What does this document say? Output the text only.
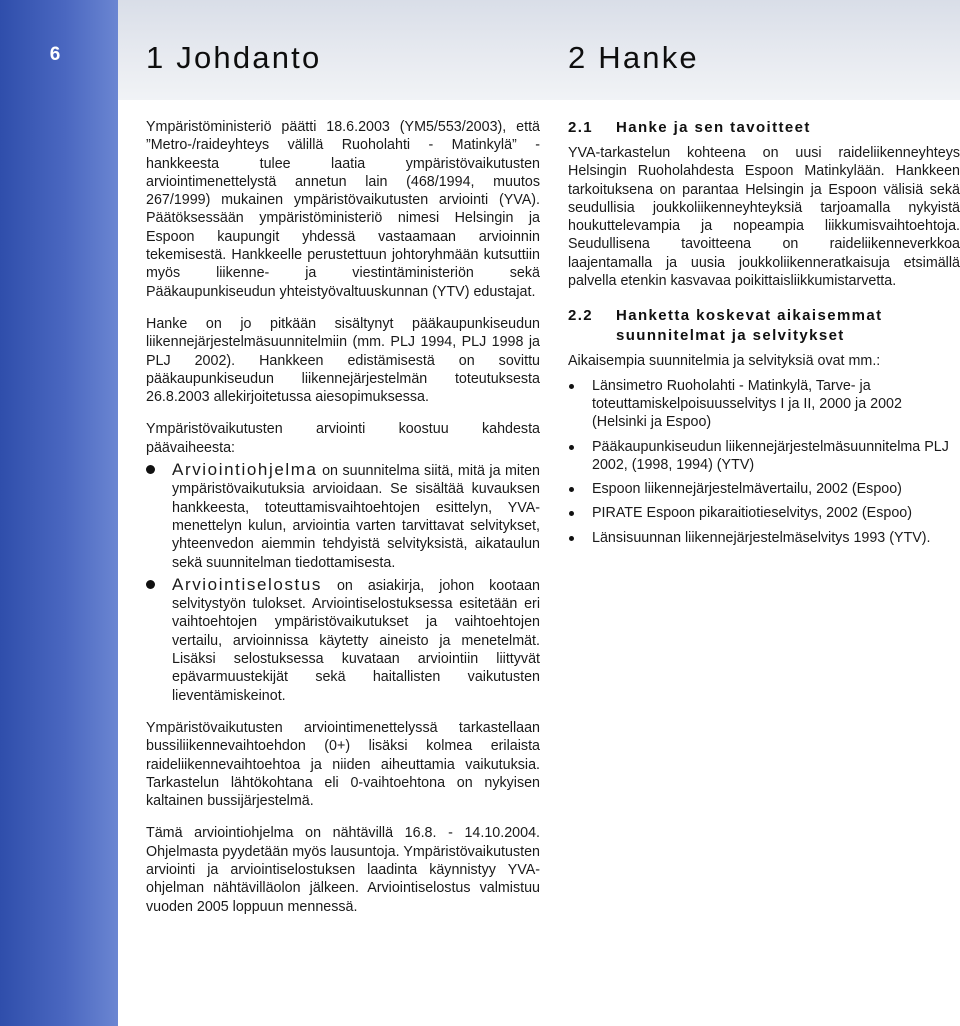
6	1 Johdanto	2 Hanke

Ympäristöministeriö päätti 18.6.2003 (YM5/553/2003), että ”Metro-/raideyhteys välillä Ruoholahti - Matinkylä” -hankkeesta tulee laatia ympäristövaikutusten arviointimenettelystä annetun lain (468/1994, muutos 267/1999) mukainen ympäristövaikutusten arviointi (YVA). Päätöksessään ympäristöministeriö nimesi Helsingin ja Espoon kaupungit yhdessä vastaamaan arvioinnin tekemisestä. Hankkeelle perustettuun johtoryhmään kutsuttiin myös liikenne- ja viestintäministeriön sekä Pääkaupunkiseudun yhteistyövaltuuskunnan (YTV) edustajat.

Hanke on jo pitkään sisältynyt pääkaupunkiseudun liikennejärjestelmäsuunnitelmiin (mm. PLJ 1994, PLJ 1998 ja PLJ 2002). Hankkeen edistämisestä on sovittu pääkaupunkiseudun liikennejärjestelmän toteutuksesta 26.8.2003 allekirjoitetussa aiesopimuksessa.

Ympäristövaikutusten arviointi koostuu kahdesta päävaiheesta:

Arviointiohjelma on suunnitelma siitä, mitä ja miten ympäristövaikutuksia arvioidaan. Se sisältää kuvauksen hankkeesta, toteuttamisvaihtoehtojen esittelyn, YVA-menettelyn kulun, arviointia varten tarvittavat selvitykset, yhteenvedon aiemmin tehdyistä selvityksistä, aikataulun sekä suunnitelman tiedottamisesta.
Arviointiselostus on asiakirja, johon kootaan selvitystyön tulokset. Arviointiselostuksessa esitetään eri vaihtoehtojen ympäristövaikutukset ja vaihtoehtojen vertailu, arvioinnissa käytetty aineisto ja menetelmät. Lisäksi selostuksessa kuvataan arviointiin liittyvät epävarmuustekijät sekä haitallisten vaikutusten lieventämiskeinot.

Ympäristövaikutusten arviointimenettelyssä tarkastellaan bussiliikennevaihtoehdon (0+) lisäksi kolmea erilaista raideliikennevaihtoehtoa ja niiden aiheuttamia vaikutuksia. Tarkastelun lähtökohtana eli 0-vaihtoehtona on nykyisen kaltainen bussijärjestelmä.

Tämä arviointiohjelma on nähtävillä 16.8. - 14.10.2004. Ohjelmasta pyydetään myös lausuntoja. Ympäristövaikutusten arviointi ja arviointiselostuksen laadinta käynnistyy YVA-ohjelman nähtävilläolon jälkeen. Arviointiselostus valmistuu vuoden 2005 loppuun mennessä.

2.1	Hanke ja sen tavoitteet

YVA-tarkastelun kohteena on uusi raideliikenneyhteys Helsingin Ruoholahdesta Espoon Matinkylään. Hankkeen tarkoituksena on parantaa Helsingin ja Espoon välisiä sekä seudullisia joukkoliikenneyhteyksiä tarjoamalla nykyistä houkuttelevampia ja nopeampia liikkumisvaihtoehtoja. Seudullisena tavoitteena on raideliikenneverkkoa laajentamalla ja uusia joukkoliikenneratkaisuja etsimällä palvella etenkin kasvavaa poikittaisliikkumistarvetta.

2.2	Hanketta koskevat aikaisemmat suunnitelmat ja selvitykset

Aikaisempia suunnitelmia ja selvityksiä ovat mm.:

Länsimetro Ruoholahti - Matinkylä, Tarve- ja toteuttamiskelpoisuusselvitys I ja II, 2000 ja 2002 (Helsinki ja Espoo)
Pääkaupunkiseudun liikennejärjestelmäsuunnitelma PLJ 2002, (1998, 1994) (YTV)
Espoon liikennejärjestelmävertailu, 2002 (Espoo)
PIRATE Espoon pikaraitiotieselvitys, 2002 (Espoo)
Länsisuunnan liikennejärjestelmäselvitys 1993 (YTV).
